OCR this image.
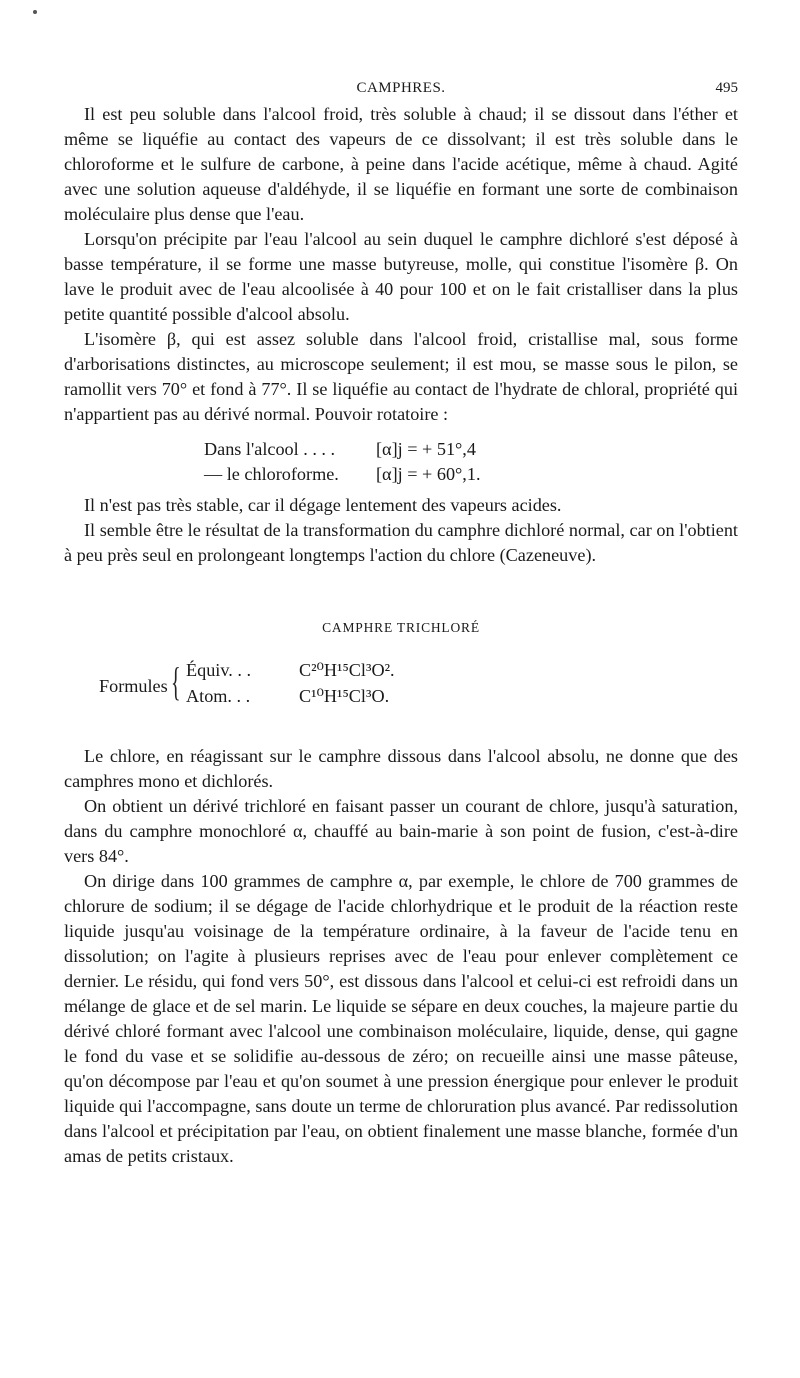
CAMPHRES.	495

Il est peu soluble dans l'alcool froid, très soluble à chaud; il se dissout dans l'éther et même se liquéfie au contact des vapeurs de ce dissolvant; il est très soluble dans le chloroforme et le sulfure de carbone, à peine dans l'acide acétique, même à chaud. Agité avec une solution aqueuse d'aldéhyde, il se liquéfie en formant une sorte de combinaison moléculaire plus dense que l'eau.

Lorsqu'on précipite par l'eau l'alcool au sein duquel le camphre dichloré s'est déposé à basse température, il se forme une masse butyreuse, molle, qui constitue l'isomère β. On lave le produit avec de l'eau alcoolisée à 40 pour 100 et on le fait cristalliser dans la plus petite quantité possible d'alcool absolu.

L'isomère β, qui est assez soluble dans l'alcool froid, cristallise mal, sous forme d'arborisations distinctes, au microscope seulement; il est mou, se masse sous le pilon, se ramollit vers 70° et fond à 77°. Il se liquéfie au contact de l'hydrate de chloral, propriété qui n'appartient pas au dérivé normal. Pouvoir rotatoire :

Dans l'alcool . . . . [α]j = + 51°,4
— le chloroforme. [α]j = + 60°,1.

Il n'est pas très stable, car il dégage lentement des vapeurs acides.

Il semble être le résultat de la transformation du camphre dichloré normal, car on l'obtient à peu près seul en prolongeant longtemps l'action du chlore (Cazeneuve).

CAMPHRE TRICHLORÉ
Formules { Équiv. . .	C²⁰H¹⁵Cl³O².
Atom. . .	C¹⁰H¹⁵Cl³O.

Le chlore, en réagissant sur le camphre dissous dans l'alcool absolu, ne donne que des camphres mono et dichlorés.

On obtient un dérivé trichloré en faisant passer un courant de chlore, jusqu'à saturation, dans du camphre monochloré α, chauffé au bain-marie à son point de fusion, c'est-à-dire vers 84°.

On dirige dans 100 grammes de camphre α, par exemple, le chlore de 700 grammes de chlorure de sodium; il se dégage de l'acide chlorhydrique et le produit de la réaction reste liquide jusqu'au voisinage de la température ordinaire, à la faveur de l'acide tenu en dissolution; on l'agite à plusieurs reprises avec de l'eau pour enlever complètement ce dernier. Le résidu, qui fond vers 50°, est dissous dans l'alcool et celui-ci est refroidi dans un mélange de glace et de sel marin. Le liquide se sépare en deux couches, la majeure partie du dérivé chloré formant avec l'alcool une combinaison moléculaire, liquide, dense, qui gagne le fond du vase et se solidifie au-dessous de zéro; on recueille ainsi une masse pâteuse, qu'on décompose par l'eau et qu'on soumet à une pression énergique pour enlever le produit liquide qui l'accompagne, sans doute un terme de chloruration plus avancé. Par redissolution dans l'alcool et précipitation par l'eau, on obtient finalement une masse blanche, formée d'un amas de petits cristaux.
